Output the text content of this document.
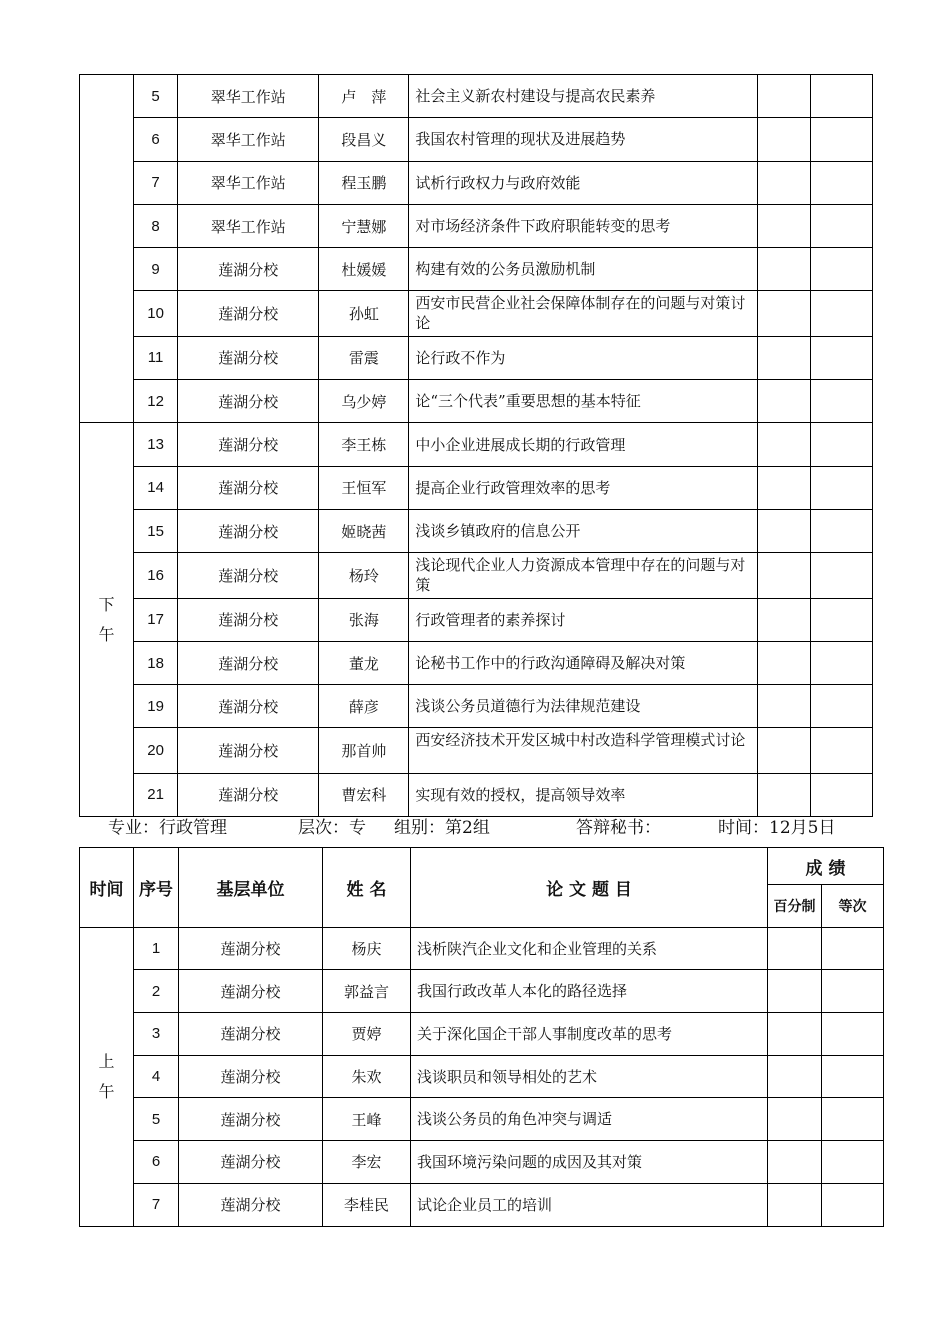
	5	翠华工作站	卢　萍	社会主义新农村建设与提高农民素养		
	6	翠华工作站	段昌义	我国农村管理的现状及进展趋势		
	7	翠华工作站	程玉鹏	试析行政权力与政府效能		
	8	翠华工作站	宁慧娜	对市场经济条件下政府职能转变的思考		
	9	莲湖分校	杜媛媛	构建有效的公务员激励机制		
	10	莲湖分校	孙虹	西安市民营企业社会保障体制存在的问题与对策讨论		

	11	莲湖分校	雷震	论行政不作为		
	12	莲湖分校	乌少婷	论“三个代表”重要思想的基本特征		

下
午	13	莲湖分校	李王栋	中小企业进展成长期的行政管理		
	14	莲湖分校	王恒军	提高企业行政管理效率的思考		
	15	莲湖分校	姬晓茜	浅谈乡镇政府的信息公开		
	16	莲湖分校	杨玲	浅论现代企业人力资源成本管理中存在的问题与对策		

	17	莲湖分校	张海	行政管理者的素养探讨		
	18	莲湖分校	董龙	论秘书工作中的行政沟通障碍及解决对策		
	19	莲湖分校	薛彦	浅谈公务员道德行为法律规范建设		
	20	莲湖分校	那首帅	西安经济技术开发区城中村改造科学管理模式讨论		

	21	莲湖分校	曹宏科	实现有效的授权，提高领导效率		
专业：行政管理	层次：专 组别：第2组	答辩秘书：	时间：12月5日
时间	序号	基层单位	姓 名	论 文 题 目	成 绩	
					百分制	等次

上
午	1	莲湖分校	杨庆	浅析陕汽企业文化和企业管理的关系		
	2	莲湖分校	郭益言	我国行政改革人本化的路径选择		
	3	莲湖分校	贾婷	关于深化国企干部人事制度改革的思考		
	4	莲湖分校	朱欢	浅谈职员和领导相处的艺术		
	5	莲湖分校	王峰	浅谈公务员的角色冲突与调适		
	6	莲湖分校	李宏	我国环境污染问题的成因及其对策		
	7	莲湖分校	李桂民	试论企业员工的培训		
